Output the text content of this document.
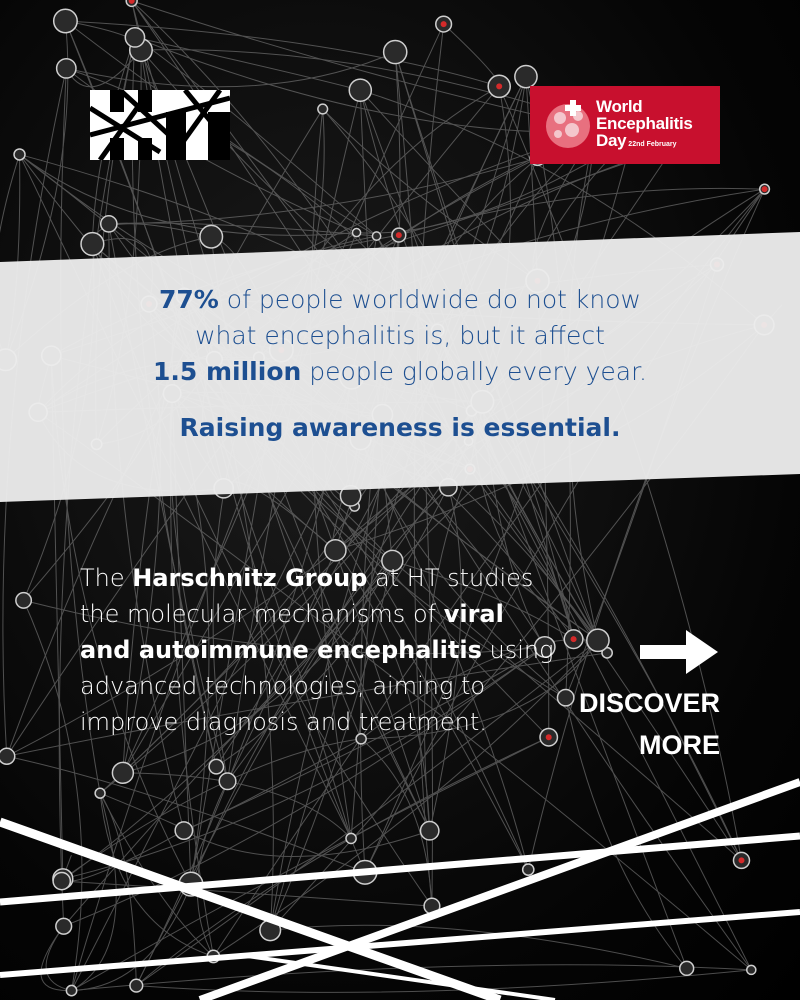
World
Encephalitis
Day 22nd February
77% of people worldwide do not know
what encephalitis is, but it affect
1.5 million people globally every year.
Raising awareness is essential.
The Harschnitz Group at HT studies the molecular mechanisms of viral and autoimmune encephalitis using advanced technologies, aiming to improve diagnosis and treatment.
DISCOVER
MORE
